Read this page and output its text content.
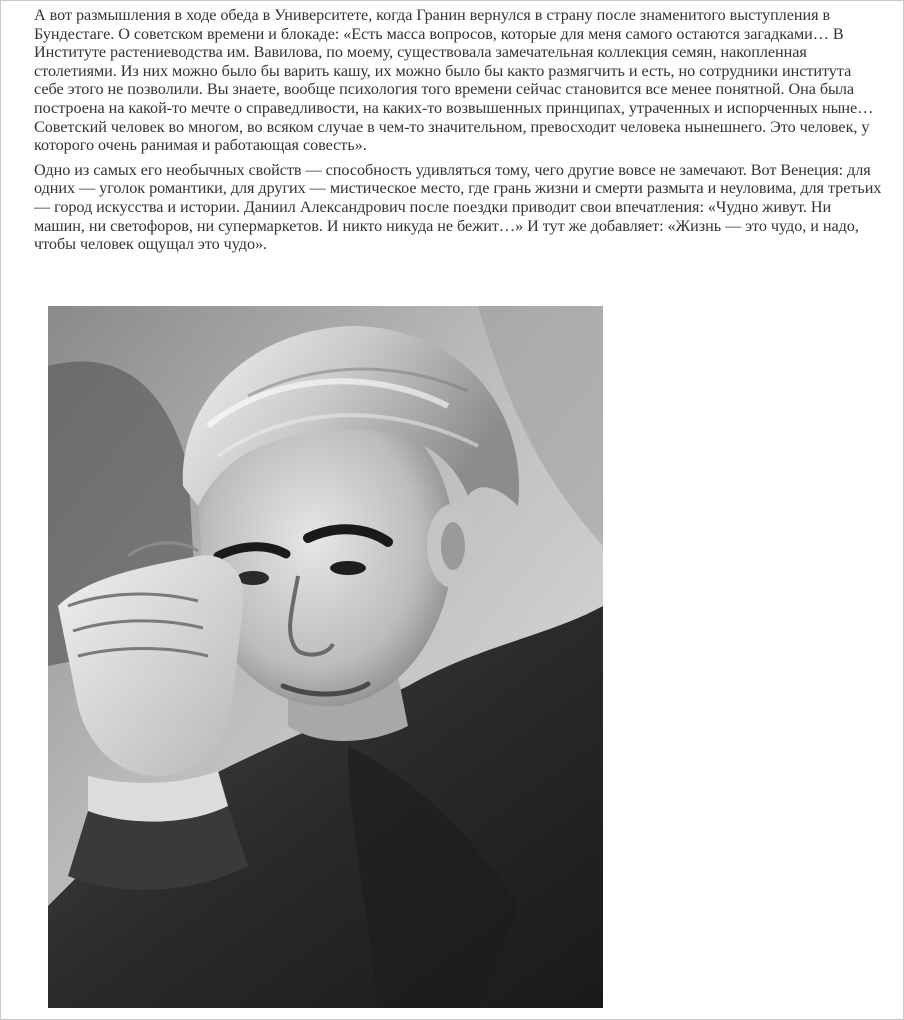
А вот размышления в ходе обеда в Университете, когда Гранин вернулся в страну после знаменитого выступления в Бундестаге. О советском времени и блокаде: «Есть масса вопросов, которые для меня самого остаются загадками… В Институте растениеводства им. Вавилова, по моему, существовала замечательная коллекция семян, накопленная столетиями. Из них можно было бы варить кашу, их можно было бы както размягчить и есть, но сотрудники института себе этого не позволили. Вы знаете, вообще психология того времени сейчас становится все менее понятной. Она была построена на какой-то мечте о справедливости, на каких-то возвышенных принципах, утраченных и испорченных ныне… Советский человек во многом, во всяком случае в чем-то значительном, превосходит человека нынешнего. Это человек, у которого очень ранимая и работающая совесть».

Одно из самых его необычных свойств — способность удивляться тому, чего другие вовсе не замечают. Вот Венеция: для одних — уголок романтики, для других — мистическое место, где грань жизни и смерти размыта и неуловима, для третьих — город искусства и истории. Даниил Александрович после поездки приводит свои впечатления: «Чудно живут. Ни машин, ни светофоров, ни супермаркетов. И никто никуда не бежит…» И тут же добавляет: «Жизнь — это чудо, и надо, чтобы человек ощущал это чудо».
